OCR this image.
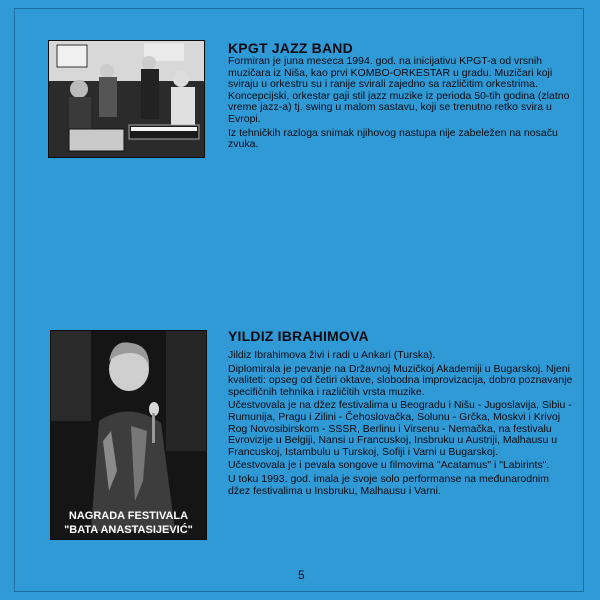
KPGT JAZZ BAND

Formiran je juna meseca 1994. god. na inicijativu KPGT-a od vrsnih muzičara iz Niša, kao prvi KOMBO-ORKESTAR u gradu. Muzičari koji sviraju u orkestru su i ranije svirali zajedno sa različitim orkestrima. Koncepcijski, orkestar gaji stil jazz muzike iz perioda 50-tih godina (zlatno vreme jazz-a) tj. swing u malom sastavu, koji se trenutno retko svira u Evropi.

Iz tehničkih razloga snimak njihovog nastupa nije zabeležen na nosaču zvuka.

NAGRADA FESTIVALA
"BATA ANASTASIJEVIĆ"
YILDIZ IBRAHIMOVA

Jildiz Ibrahimova živi i radi u Ankari (Turska).

Diplomirala je pevanje na Državnoj Muzičkoj Akademiji u Bugarskoj. Njeni kvaliteti: opseg od četiri oktave, slobodna improvizacija, dobro poznavanje specifičnih tehnika i različitih vrsta muzike.

Učestvovala je na džez festivalima u Beogradu i Nišu - Jugoslavija, Sibiu - Rumunija, Pragu i Zilini - Čehoslovačka, Solunu - Grčka, Moskvi i Krivoj Rog Novosibirskom - SSSR, Berlinu i Virsenu - Nemačka, na festivalu Evrovizije u Belgiji, Nansi u Francuskoj, Insbruku u Austriji, Malhausu u Francuskoj, Istambulu u Turskoj, Sofiji i Varni u Bugarskoj.

Učestvovala je i pevala songove u filmovima "Acatamus" i "Labirints".

U toku 1993. god. imala je svoje solo performanse na međunarodnim džez festivalima u Insbruku, Malhausu i Varni.

5
